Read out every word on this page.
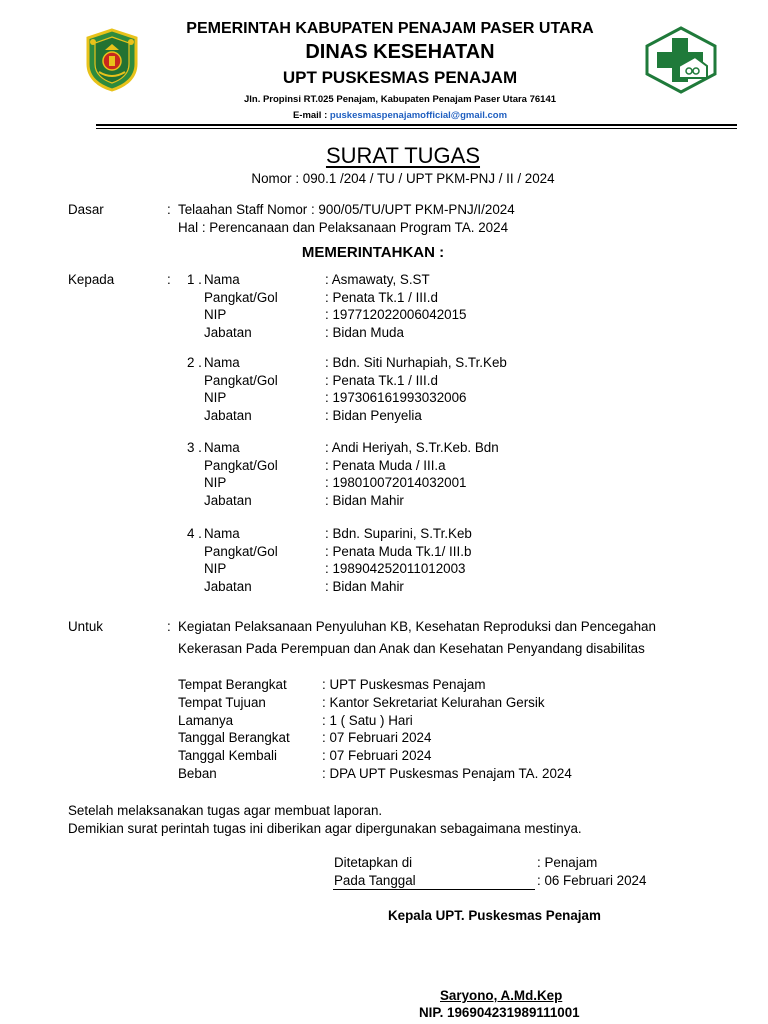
PEMERINTAH KABUPATEN PENAJAM PASER UTARA
DINAS KESEHATAN
UPT PUSKESMAS PENAJAM
Jln. Propinsi RT.025 Penajam, Kabupaten Penajam Paser Utara 76141
E-mail : puskesmaspenajamofficial@gmail.com
SURAT TUGAS
Nomor : 090.1 /204 / TU / UPT PKM-PNJ / II / 2024
Dasar	: Telaahan Staff Nomor : 900/05/TU/UPT PKM-PNJ/I/2024
Hal : Perencanaan dan Pelaksanaan Program TA. 2024
MEMERINTAHKAN :
Kepada	: 1 . Nama	: Asmawaty, S.ST
Pangkat/Gol	: Penata Tk.1 / III.d
NIP	: 197712022006042015
Jabatan	: Bidan Muda
2 . Nama	: Bdn. Siti Nurhapiah, S.Tr.Keb
Pangkat/Gol	: Penata Tk.1 / III.d
NIP	: 197306161993032006
Jabatan	: Bidan Penyelia
3 . Nama	: Andi Heriyah, S.Tr.Keb. Bdn
Pangkat/Gol	: Penata Muda / III.a
NIP	: 198010072014032001
Jabatan	: Bidan Mahir
4 . Nama	: Bdn. Suparini, S.Tr.Keb
Pangkat/Gol	: Penata Muda Tk.1/ III.b
NIP	: 198904252011012003
Jabatan	: Bidan Mahir
Untuk	: Kegiatan Pelaksanaan Penyuluhan KB, Kesehatan Reproduksi dan Pencegahan
Kekerasan Pada Perempuan dan Anak dan Kesehatan Penyandang disabilitas
Tempat Berangkat	: UPT Puskesmas Penajam
Tempat Tujuan	: Kantor Sekretariat Kelurahan Gersik
Lamanya	: 1 ( Satu ) Hari
Tanggal Berangkat : 07 Februari 2024
Tanggal Kembali	: 07 Februari 2024
Beban	: DPA UPT Puskesmas Penajam TA. 2024
Setelah melaksanakan tugas agar membuat laporan.
Demikian surat perintah tugas ini diberikan agar dipergunakan sebagaimana mestinya.
Ditetapkan di	: Penajam
Pada Tanggal	: 06 Februari 2024
Kepala UPT. Puskesmas Penajam
Saryono, A.Md.Kep
NIP. 196904231989111001
